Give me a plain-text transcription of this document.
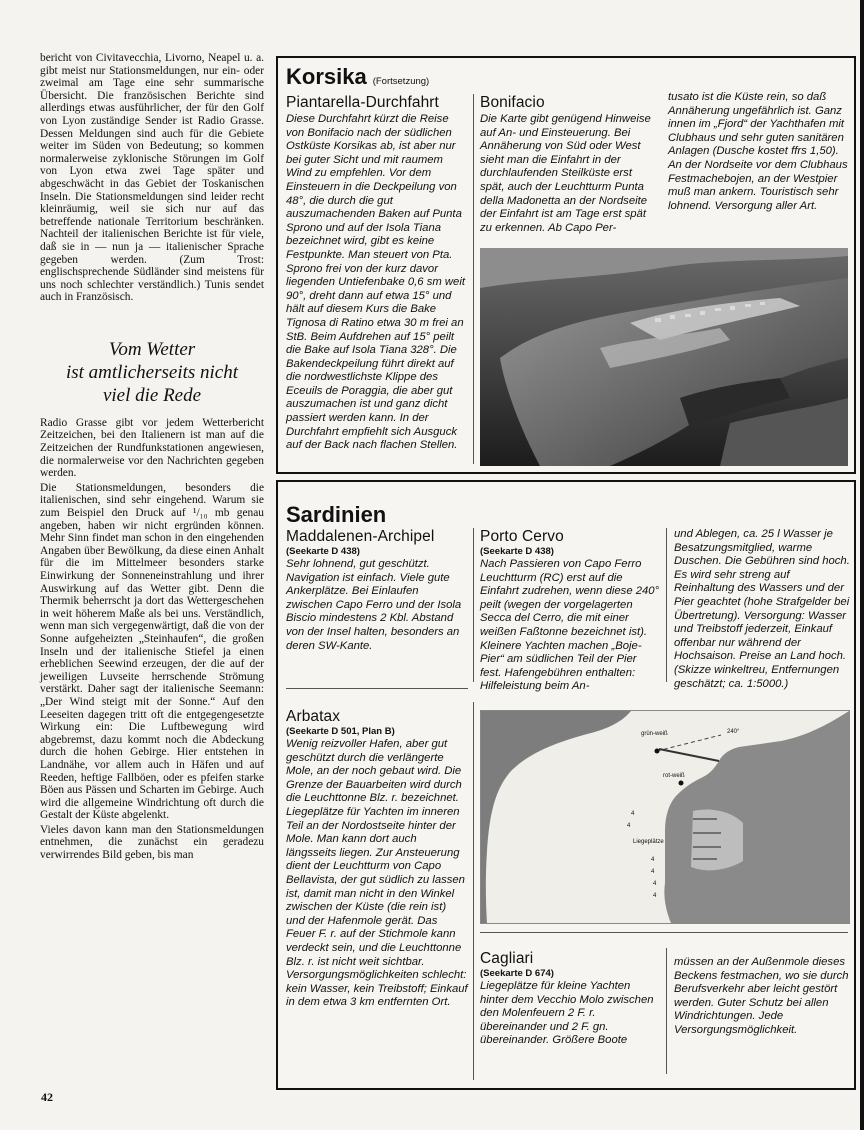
bericht von Civitavecchia, Livorno, Neapel u. a. gibt meist nur Stationsmeldungen, nur ein- oder zweimal am Tage eine sehr summarische Übersicht. Die französischen Berichte sind allerdings etwas ausführlicher, der für den Golf von Lyon zuständige Sender ist Radio Grasse. Dessen Meldungen sind auch für die Gebiete weiter im Süden von Bedeutung; so kommen normalerweise zyklonische Störungen im Golf von Lyon etwa zwei Tage später und abgeschwächt in das Gebiet der Toskanischen Inseln. Die Stationsmeldungen sind leider recht kleinräumig, weil sie sich nur auf das betreffende nationale Territorium beschränken. Nachteil der italienischen Berichte ist für viele, daß sie in — nun ja — italienischer Sprache gegeben werden. (Zum Trost: englischsprechende Südländer sind meistens für uns noch schlechter verständlich.) Tunis sendet auch in Französisch.

Vom Wetter
ist amtlicherseits nicht
viel die Rede

Radio Grasse gibt vor jedem Wetterbericht Zeitzeichen, bei den Italienern ist man auf die Zeitzeichen der Rundfunkstationen angewiesen, die normalerweise vor den Nachrichten gegeben werden.

Die Stationsmeldungen, besonders die italienischen, sind sehr eingehend. Warum sie zum Beispiel den Druck auf ¹/₁₀ mb genau angeben, haben wir nicht ergründen können. Mehr Sinn findet man schon in den eingehenden Angaben über Bewölkung, da diese einen Anhalt für die im Mittelmeer besonders starke Einwirkung der Sonneneinstrahlung und ihrer Auswirkung auf das Wetter gibt. Denn die Thermik beherrscht ja dort das Wettergeschehen in weit höherem Maße als bei uns. Verständlich, wenn man sich vergegenwärtigt, daß die von der Sonne aufgeheizten „Steinhaufen“, die großen Inseln und der italienische Stiefel ja einen erheblichen Seewind erzeugen, der die auf der jeweiligen Luvseite herrschende Strömung verstärkt. Daher sagt der italienische Seemann: „Der Wind steigt mit der Sonne.“ Auf den Leeseiten dagegen tritt oft die entgegengesetzte Wirkung ein: Die Luftbewegung wird abgebremst, dazu kommt noch die Abdeckung durch die hohen Gebirge. Hier entstehen in Landnähe, vor allem auch in Häfen und auf Reeden, heftige Fallböen, oder es pfeifen starke Böen aus Pässen und Scharten im Gebirge. Auch wird die allgemeine Windrichtung oft durch die Gestalt der Küste abgelenkt.

Vieles davon kann man den Stationsmeldungen entnehmen, die zunächst ein geradezu verwirrendes Bild geben, bis man

42
Korsika (Fortsetzung)
Piantarella-Durchfahrt
Diese Durchfahrt kürzt die Reise von Bonifacio nach der südlichen Ostküste Korsikas ab, ist aber nur bei guter Sicht und mit raumem Wind zu empfehlen. Vor dem Einsteuern in die Deckpeilung von 48°, die durch die gut auszumachenden Baken auf Punta Sprono und auf der Isola Tiana bezeichnet wird, gibt es keine Festpunkte. Man steuert von Pta. Sprono frei von der kurz davor liegenden Untiefenbake 0,6 sm weit 90°, dreht dann auf etwa 15° und hält auf diesem Kurs die Bake Tignosa di Ratino etwa 30 m frei an StB. Beim Aufdrehen auf 15° peilt die Bake auf Isola Tiana 328°. Die Bakendeckpeilung führt direkt auf die nordwestlichste Klippe des Eceuils de Poraggia, die aber gut auszumachen ist und ganz dicht passiert werden kann. In der Durchfahrt empfiehlt sich Ausguck auf der Back nach flachen Stellen.
Bonifacio
Die Karte gibt genügend Hinweise auf An- und Einsteuerung. Bei Annäherung von Süd oder West sieht man die Einfahrt in der durchlaufenden Steilküste erst spät, auch der Leuchtturm Punta della Madonetta an der Nordseite der Einfahrt ist am Tage erst spät zu erkennen. Ab Capo Per-
tusato ist die Küste rein, so daß Annäherung ungefährlich ist. Ganz innen im „Fjord“ der Yachthafen mit Clubhaus und sehr guten sanitären Anlagen (Dusche kostet ffrs 1,50). An der Nordseite vor dem Clubhaus Festmachebojen, an der Westpier muß man ankern. Touristisch sehr lohnend. Versorgung aller Art.
Sardinien
Maddalenen-Archipel
(Seekarte D 438)
Sehr lohnend, gut geschützt. Navigation ist einfach. Viele gute Ankerplätze. Bei Einlaufen zwischen Capo Ferro und der Isola Biscio mindestens 2 Kbl. Abstand von der Insel halten, besonders an deren SW-Kante.
Porto Cervo
(Seekarte D 438)
Nach Passieren von Capo Ferro Leuchtturm (RC) erst auf die Einfahrt zudrehen, wenn diese 240° peilt (wegen der vorgelagerten Secca del Cerro, die mit einer weißen Faßtonne bezeichnet ist). Kleinere Yachten machen „Boje-Pier“ am südlichen Teil der Pier fest. Hafengebühren enthalten: Hilfeleistung beim An-
und Ablegen, ca. 25 l Wasser je Besatzungsmitglied, warme Duschen. Die Gebühren sind hoch. Es wird sehr streng auf Reinhaltung des Wassers und der Pier geachtet (hohe Strafgelder bei Übertretung). Versorgung: Wasser und Treibstoff jederzeit, Einkauf offenbar nur während der Hochsaison. Preise an Land hoch. (Skizze winkeltreu, Entfernungen geschätzt; ca. 1:5000.)
Arbatax
(Seekarte D 501, Plan B)
Wenig reizvoller Hafen, aber gut geschützt durch die verlängerte Mole, an der noch gebaut wird. Die Grenze der Bauarbeiten wird durch die Leuchttonne Blz. r. bezeichnet. Liegeplätze für Yachten im inneren Teil an der Nordostseite hinter der Mole. Man kann dort auch längsseits liegen. Zur Ansteuerung dient der Leuchtturm von Capo Bellavista, der gut südlich zu lassen ist, damit man nicht in den Winkel zwischen der Küste (die rein ist) und der Hafenmole gerät. Das Feuer F. r. auf der Stichmole kann verdeckt sein, und die Leuchttonne Blz. r. ist nicht weit sichtbar. Versorgungsmöglichkeiten schlecht: kein Wasser, kein Treibstoff; Einkauf in dem etwa 3 km entfernten Ort.
grün-weiß	240°
rot-weiß
Liegeplätze
4
4
4
4
4
4
Cagliari
(Seekarte D 674)
Liegeplätze für kleine Yachten hinter dem Vecchio Molo zwischen den Molenfeuern 2 F. r. übereinander und 2 F. gn. übereinander. Größere Boote
müssen an der Außenmole dieses Beckens festmachen, wo sie durch Berufsverkehr aber leicht gestört werden. Guter Schutz bei allen Windrichtungen. Jede Versorgungsmöglichkeit.
